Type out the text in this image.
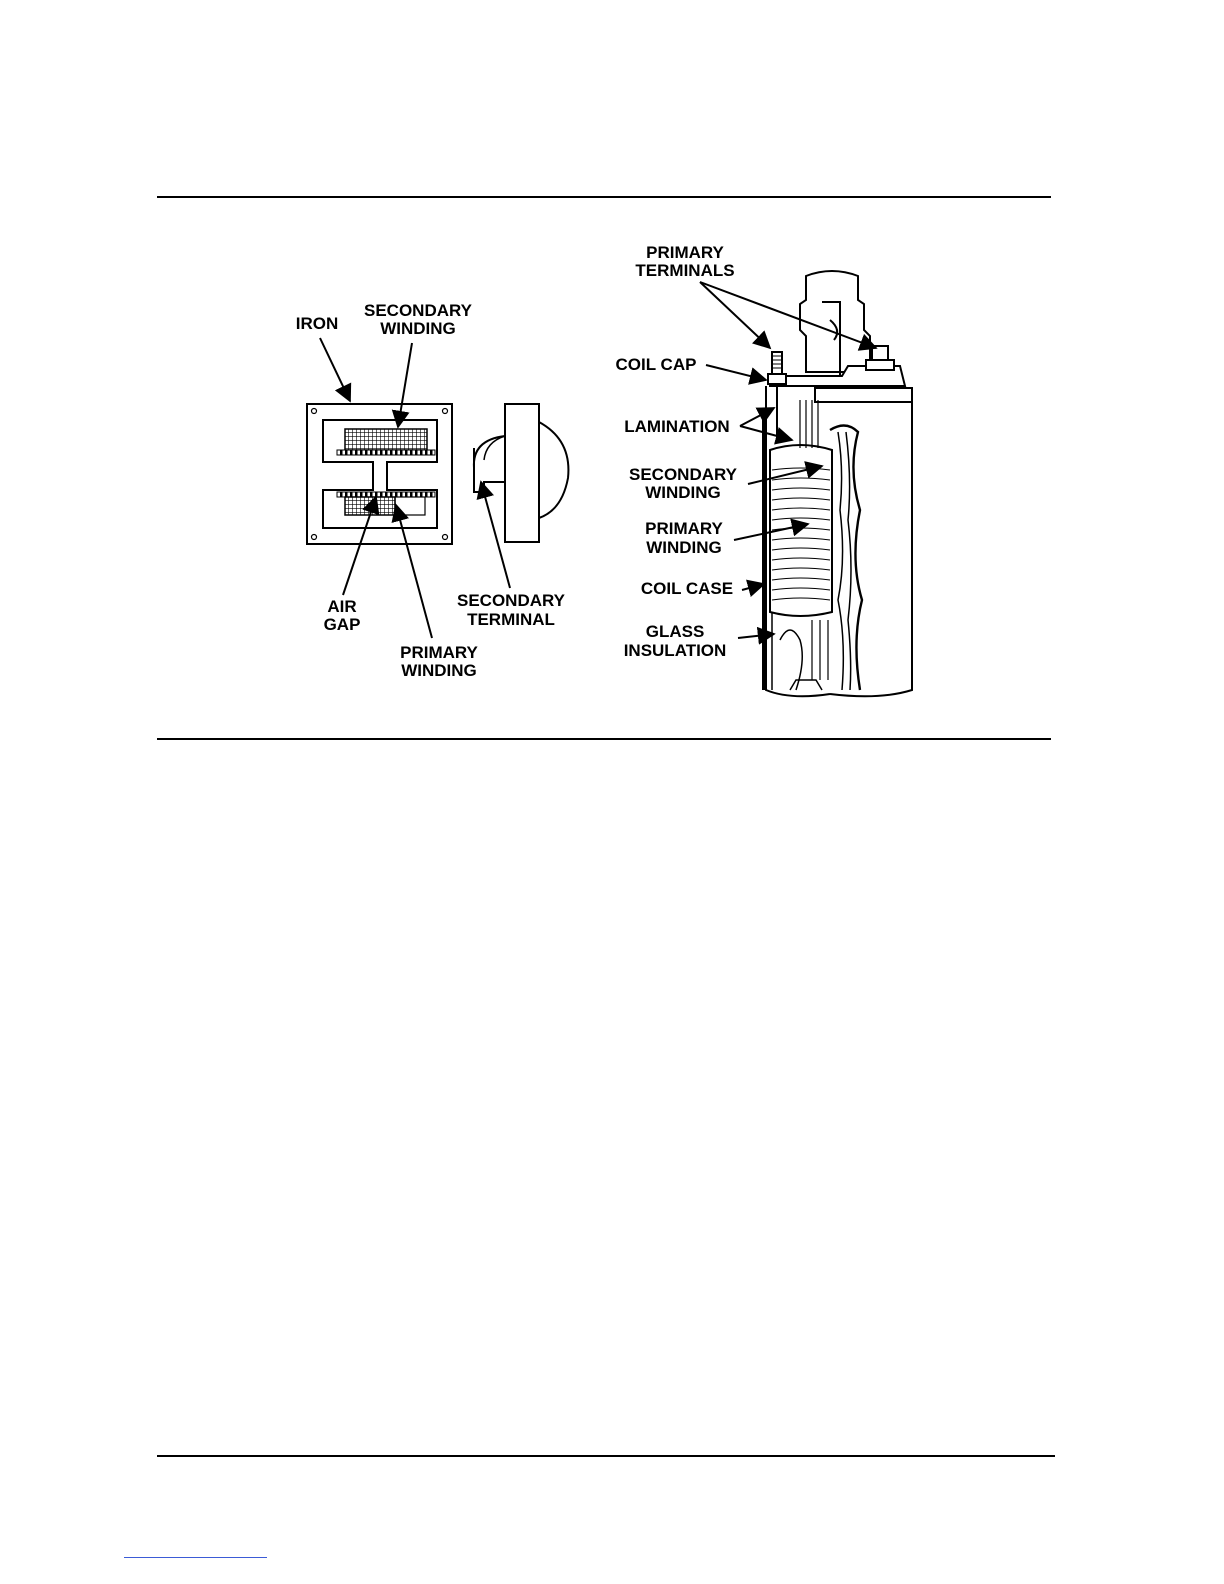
IRON
SECONDARY
WINDING
AIR
GAP
PRIMARY
WINDING
SECONDARY
TERMINAL
PRIMARY
TERMINALS
COIL CAP
LAMINATION
SECONDARY
WINDING
PRIMARY
WINDING
COIL CASE
GLASS
INSULATION
